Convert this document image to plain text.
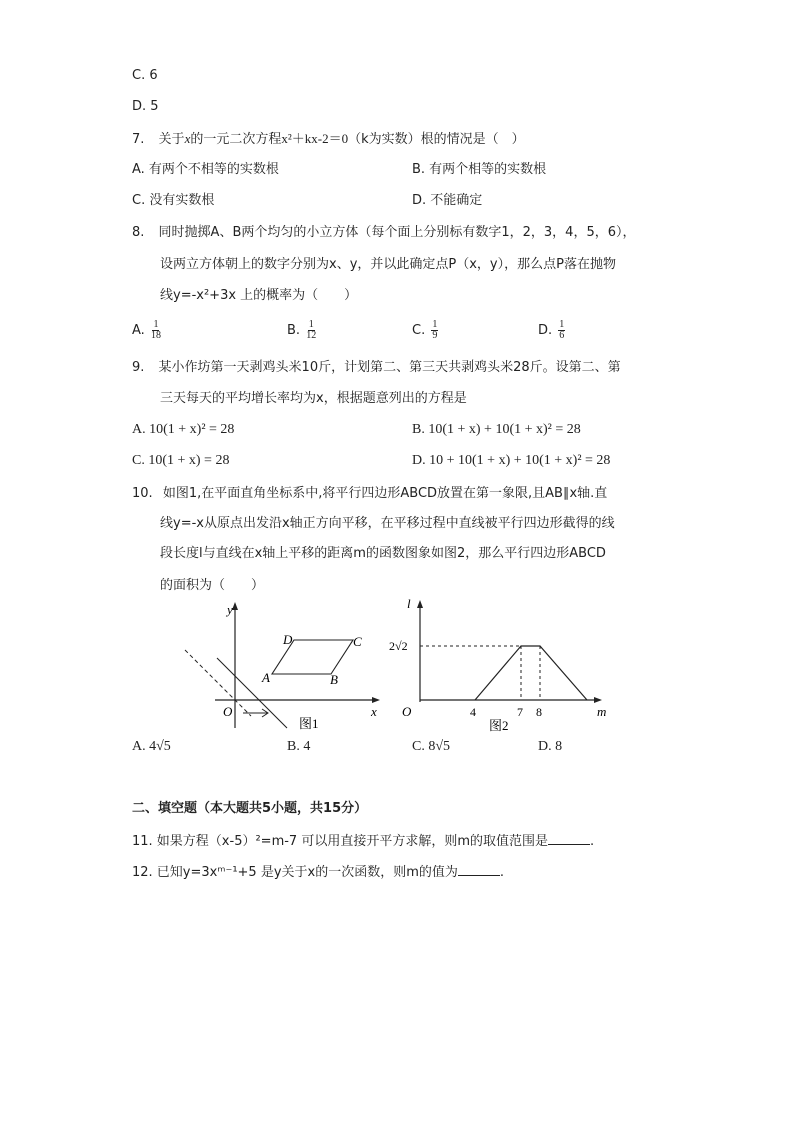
C. 6
D. 5
7. 关于x的一元二次方程x²＋kx-2＝0（k为实数）根的情况是（　）
A. 有两个不相等的实数根	B. 有两个相等的实数根
C. 没有实数根	D. 不能确定
8. 同时抛掷A、B两个均匀的小立方体（每个面上分别标有数字1，2，3，4，5，6），
设两立方体朝上的数字分别为x、y，并以此确定点P（x，y），那么点P落在抛物
线y=-x²+3x 上的概率为（　　）
A. $\frac{1}{18}$	B. $\frac{1}{12}$	C. $\frac{1}{9}$	D. $\frac{1}{6}$
9. 某小作坊第一天剥鸡头米10斤，计划第二、第三天共剥鸡头米28斤。设第二、第
三天每天的平均增长率均为x，根据题意列出的方程是
A. 10(1 + x)² = 28	B. 10(1 + x) + 10(1 + x)² = 28
C. 10(1 + x) = 28	D. 10 + 10(1 + x) + 10(1 + x)² = 28
10. 如图1,在平面直角坐标系中,将平行四边形ABCD放置在第一象限,且AB∥x轴.直
线y=-x从原点出发沿x轴正方向平移，在平移过程中直线被平行四边形截得的线
段长度l与直线在x轴上平移的距离m的函数图象如图2，那么平行四边形ABCD
的面积为（　　）
y
x
O
A	B
C
D
图1
l
m
O
2√2
4	7 8
图2
A. 4√5	B. 4	C. 8√5	D. 8
二、填空题（本大题共5小题，共15分）
11. 如果方程（x-5）²=m-7 可以用直接开平方求解，则m的取值范围是	.
12. 已知y=3xᵐ⁻¹+5 是y关于x的一次函数，则m的值为	.
